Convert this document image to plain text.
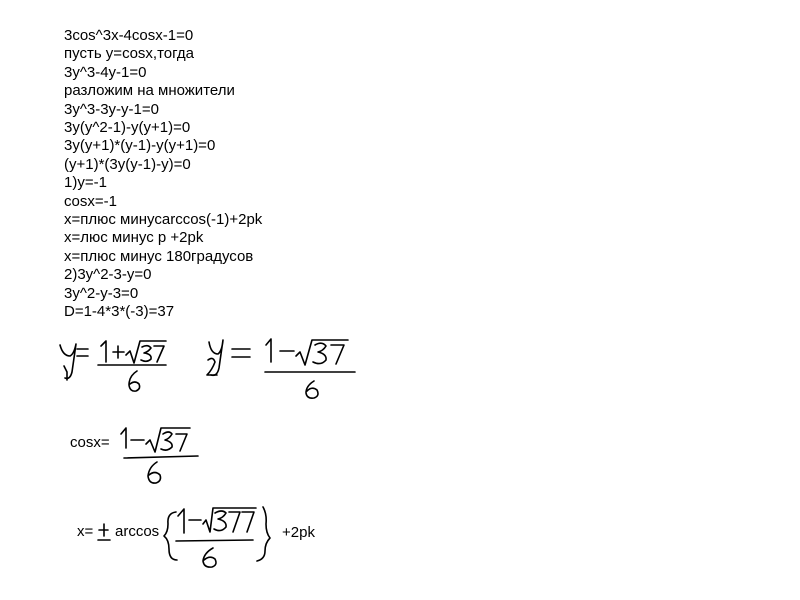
3cos^3x-4cosx-1=0
пусть y=cosx,тогда
3y^3-4y-1=0
разложим на множители
3y^3-3y-y-1=0
3y(y^2-1)-y(y+1)=0
3y(y+1)*(y-1)-y(y+1)=0
(y+1)*(3y(y-1)-y)=0
1)y=-1
cosx=-1
x=плюс минусarccos(-1)+2pk
x=люс минус p +2pk
x=плюс минус 180градусов
2)3y^2-3-y=0
3y^2-y-3=0
D=1-4*3*(-3)=37
cosx=
x= arccos	+2pk
